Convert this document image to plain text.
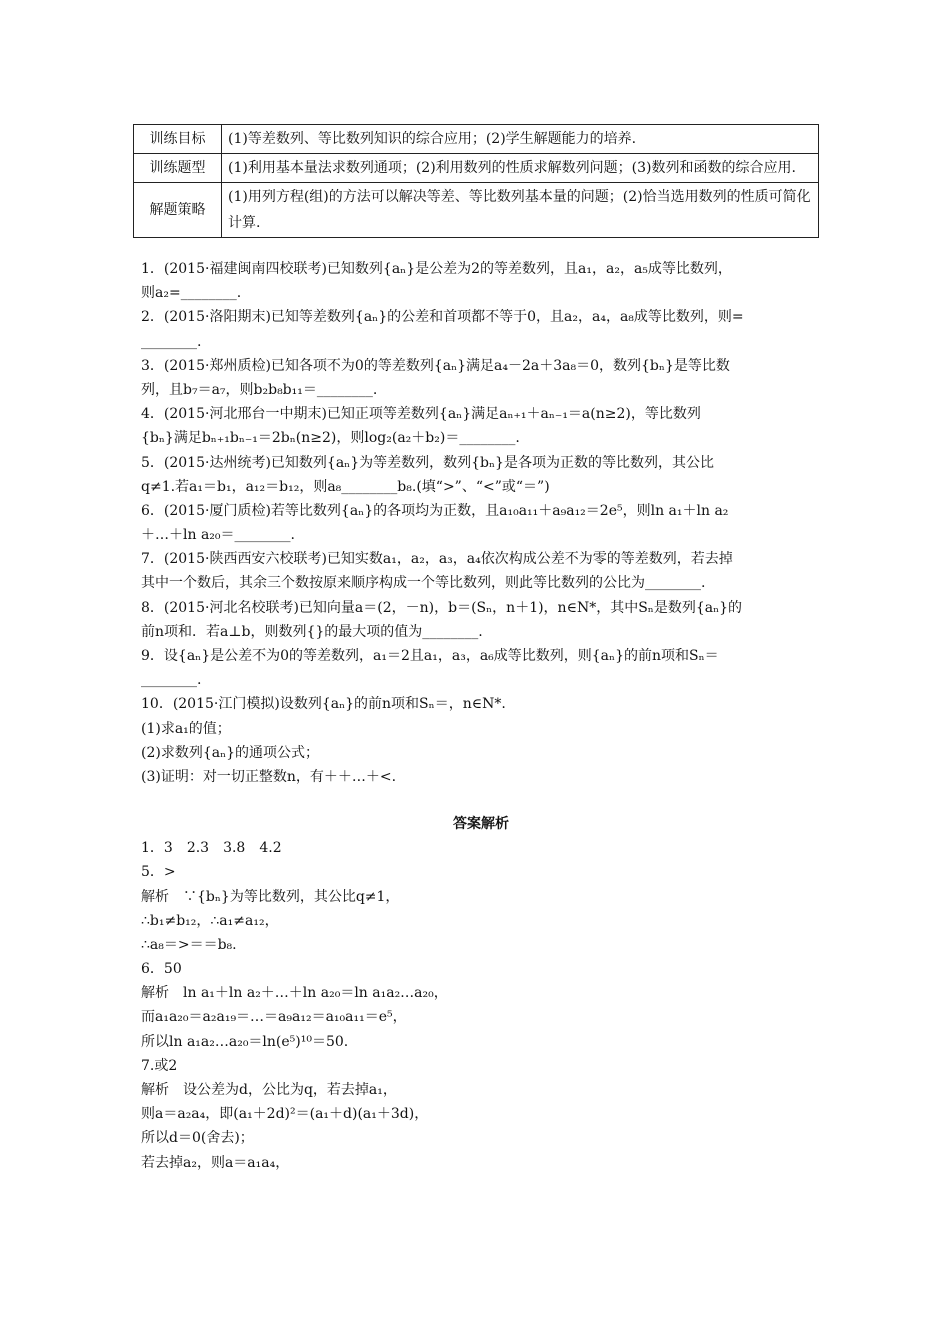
训练目标	(1)等差数列、等比数列知识的综合应用；(2)学生解题能力的培养.
训练题型	(1)利用基本量法求数列通项；(2)利用数列的性质求解数列问题；(3)数列和函数的综合应用.
解题策略	(1)用列方程(组)的方法可以解决等差、等比数列基本量的问题；(2)恰当选用数列的性质可简化计算.
1．(2015·福建闽南四校联考)已知数列{aₙ}是公差为2的等差数列，且a₁，a₂，a₅成等比数列，
则a₂=________.
2．(2015·洛阳期末)已知等差数列{aₙ}的公差和首项都不等于0，且a₂，a₄，a₈成等比数列，则=
________.
3．(2015·郑州质检)已知各项不为0的等差数列{aₙ}满足a₄－2a＋3a₈＝0，数列{bₙ}是等比数
列，且b₇＝a₇，则b₂b₈b₁₁＝________.
4．(2015·河北邢台一中期末)已知正项等差数列{aₙ}满足aₙ₊₁＋aₙ₋₁＝a(n≥2)，等比数列
{bₙ}满足bₙ₊₁bₙ₋₁＝2bₙ(n≥2)，则log₂(a₂＋b₂)＝________.
5．(2015·达州统考)已知数列{aₙ}为等差数列，数列{bₙ}是各项为正数的等比数列，其公比
q≠1.若a₁＝b₁，a₁₂＝b₁₂，则a₈________b₈.(填“>”、“<”或“＝”)
6．(2015·厦门质检)若等比数列{aₙ}的各项均为正数，且a₁₀a₁₁＋a₉a₁₂＝2e⁵，则ln a₁＋ln a₂
＋…＋ln a₂₀＝________.
7．(2015·陕西西安六校联考)已知实数a₁，a₂，a₃，a₄依次构成公差不为零的等差数列，若去掉
其中一个数后，其余三个数按原来顺序构成一个等比数列，则此等比数列的公比为________.
8．(2015·河北名校联考)已知向量a＝(2，－n)，b＝(Sₙ，n＋1)，n∈N*，其中Sₙ是数列{aₙ}的
前n项和．若a⊥b，则数列{}的最大项的值为________.
9．设{aₙ}是公差不为0的等差数列，a₁＝2且a₁，a₃，a₆成等比数列，则{aₙ}的前n项和Sₙ＝
________.
10．(2015·江门模拟)设数列{aₙ}的前n项和Sₙ＝，n∈N*.
(1)求a₁的值；
(2)求数列{aₙ}的通项公式；
(3)证明：对一切正整数n，有＋＋…＋<.
答案解析
1．3　2.3　3.8　4.2
5．>
解析　∵{bₙ}为等比数列，其公比q≠1，
∴b₁≠b₁₂，∴a₁≠a₁₂，
∴a₈＝>＝＝b₈.
6．50
解析　ln a₁＋ln a₂＋…＋ln a₂₀＝ln a₁a₂…a₂₀，
而a₁a₂₀＝a₂a₁₉＝…＝a₉a₁₂＝a₁₀a₁₁＝e⁵，
所以ln a₁a₂…a₂₀＝ln(e⁵)¹⁰＝50.
7.或2
解析　设公差为d，公比为q，若去掉a₁，
则a＝a₂a₄，即(a₁＋2d)²＝(a₁＋d)(a₁＋3d)，
所以d＝0(舍去)；
若去掉a₂，则a＝a₁a₄，
